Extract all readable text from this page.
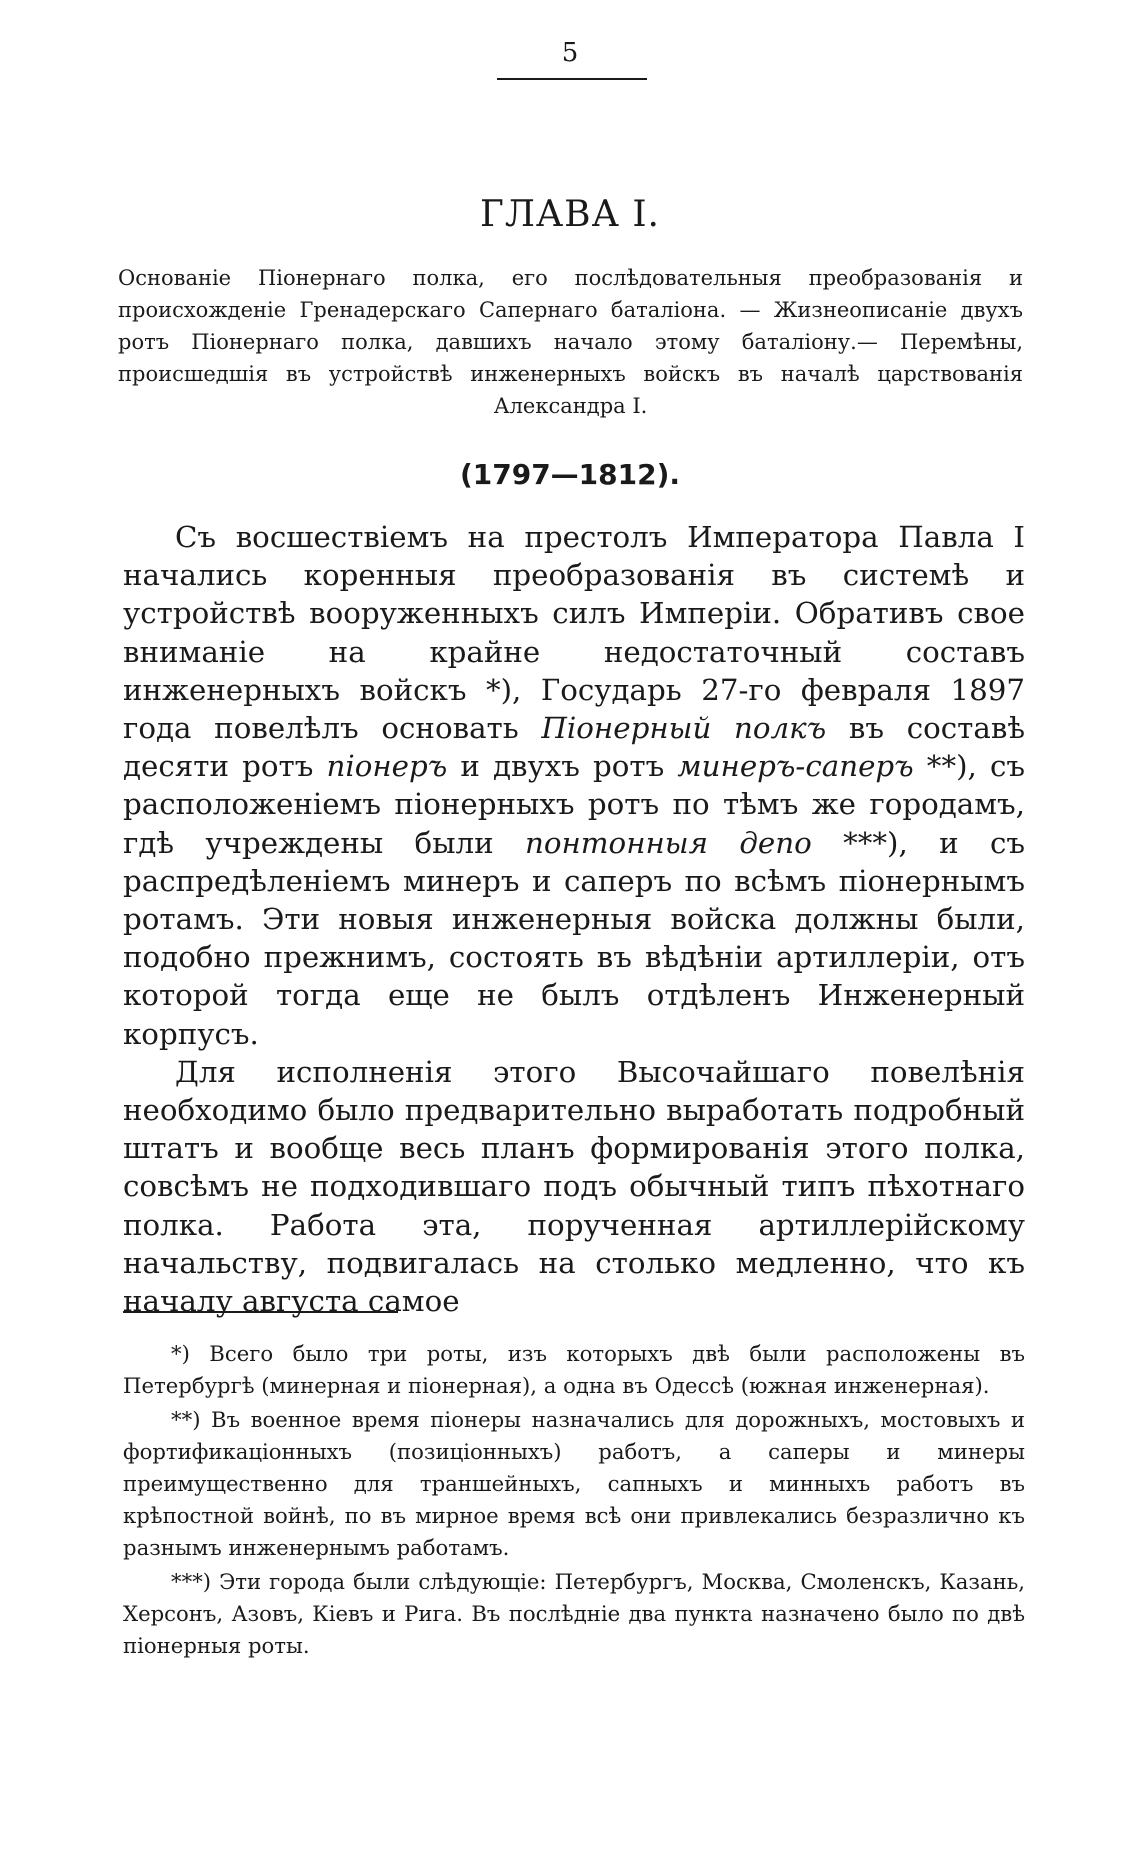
5
ГЛАВА I.
Основаніе Піонернаго полка, его послѣдовательныя преобразованія и происхожденіе Гренадерскаго Сапернаго баталіона. — Жизнеописаніе двухъ ротъ Піонернаго полка, давшихъ начало этому баталіону.— Перемѣны, происшедшія въ устройствѣ инженерныхъ войскъ въ началѣ царствованія Александра I.
(1797—1812).

Съ восшествіемъ на престолъ Императора Павла I начались коренныя преобразованія въ системѣ и устройствѣ вооруженныхъ силъ Имперіи. Обративъ свое вниманіе на крайне недостаточный составъ инженерныхъ войскъ *), Государь 27-го февраля 1897 года повелѣлъ основать Піонерный полкъ въ составѣ десяти ротъ піонеръ и двухъ ротъ минеръ-саперъ **), съ расположеніемъ піонерныхъ ротъ по тѣмъ же городамъ, гдѣ учреждены были понтонныя депо ***), и съ распредѣленіемъ минеръ и саперъ по всѣмъ піонернымъ ротамъ. Эти новыя инженерныя войска должны были, подобно прежнимъ, состоять въ вѣдѣніи артиллеріи, отъ которой тогда еще не былъ отдѣленъ Инженерный корпусъ.

Для исполненія этого Высочайшаго повелѣнія необходимо было предварительно выработать подробный штатъ и вообще весь планъ формированія этого полка, совсѣмъ не подходившаго подъ обычный типъ пѣхотнаго полка. Работа эта, порученная артиллерійскому начальству, подвигалась на столько медленно, что къ началу августа самое

*) Всего было три роты, изъ которыхъ двѣ были расположены въ Петербургѣ (минерная и піонерная), а одна въ Одессѣ (южная инженерная).

**) Въ военное время піонеры назначались для дорожныхъ, мостовыхъ и фортификаціонныхъ (позиціонныхъ) работъ, а саперы и минеры преимущественно для траншейныхъ, сапныхъ и минныхъ работъ въ крѣпостной войнѣ, по въ мирное время всѣ они привлекались безразлично къ разнымъ инженернымъ работамъ.

***) Эти города были слѣдующіе: Петербургъ, Москва, Смоленскъ, Казань, Херсонъ, Азовъ, Кіевъ и Рига. Въ послѣдніе два пункта назначено было по двѣ піонерныя роты.
